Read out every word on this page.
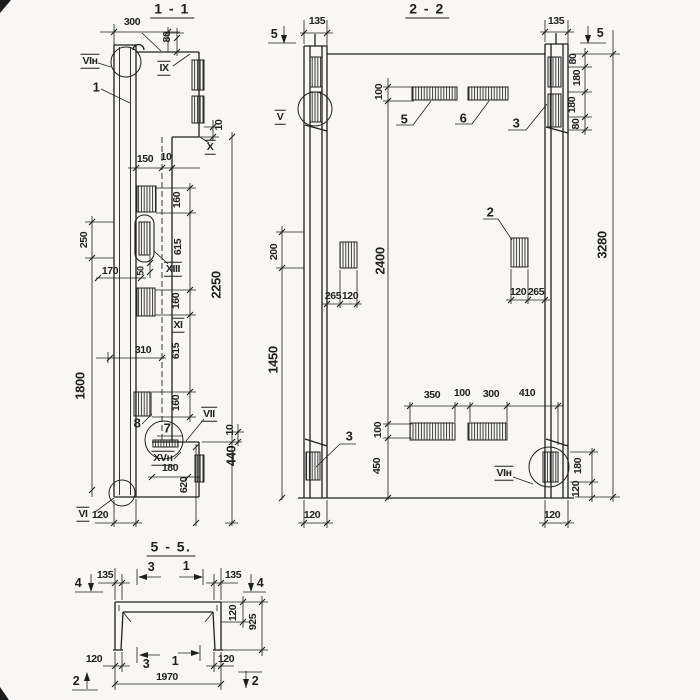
1 - 1
300
80
VIн
1
IX
10
X
150 10
160
250	615
170 50 XIII
2250
160
XI
615
310
1800
160
8 7
VII
10
XVн
180
440
620
VI 120
2 - 2
5
135	135
5
80
180
180
80
V
100
5	6	3
200	2400
2
265 120	120 265
3280
1450
3
350 100 300 410
100
450	VIн	180
120
120	120
5 - 5.
4
135
3 1
135
4
120
925
120	3 1	120
1970
2	2
